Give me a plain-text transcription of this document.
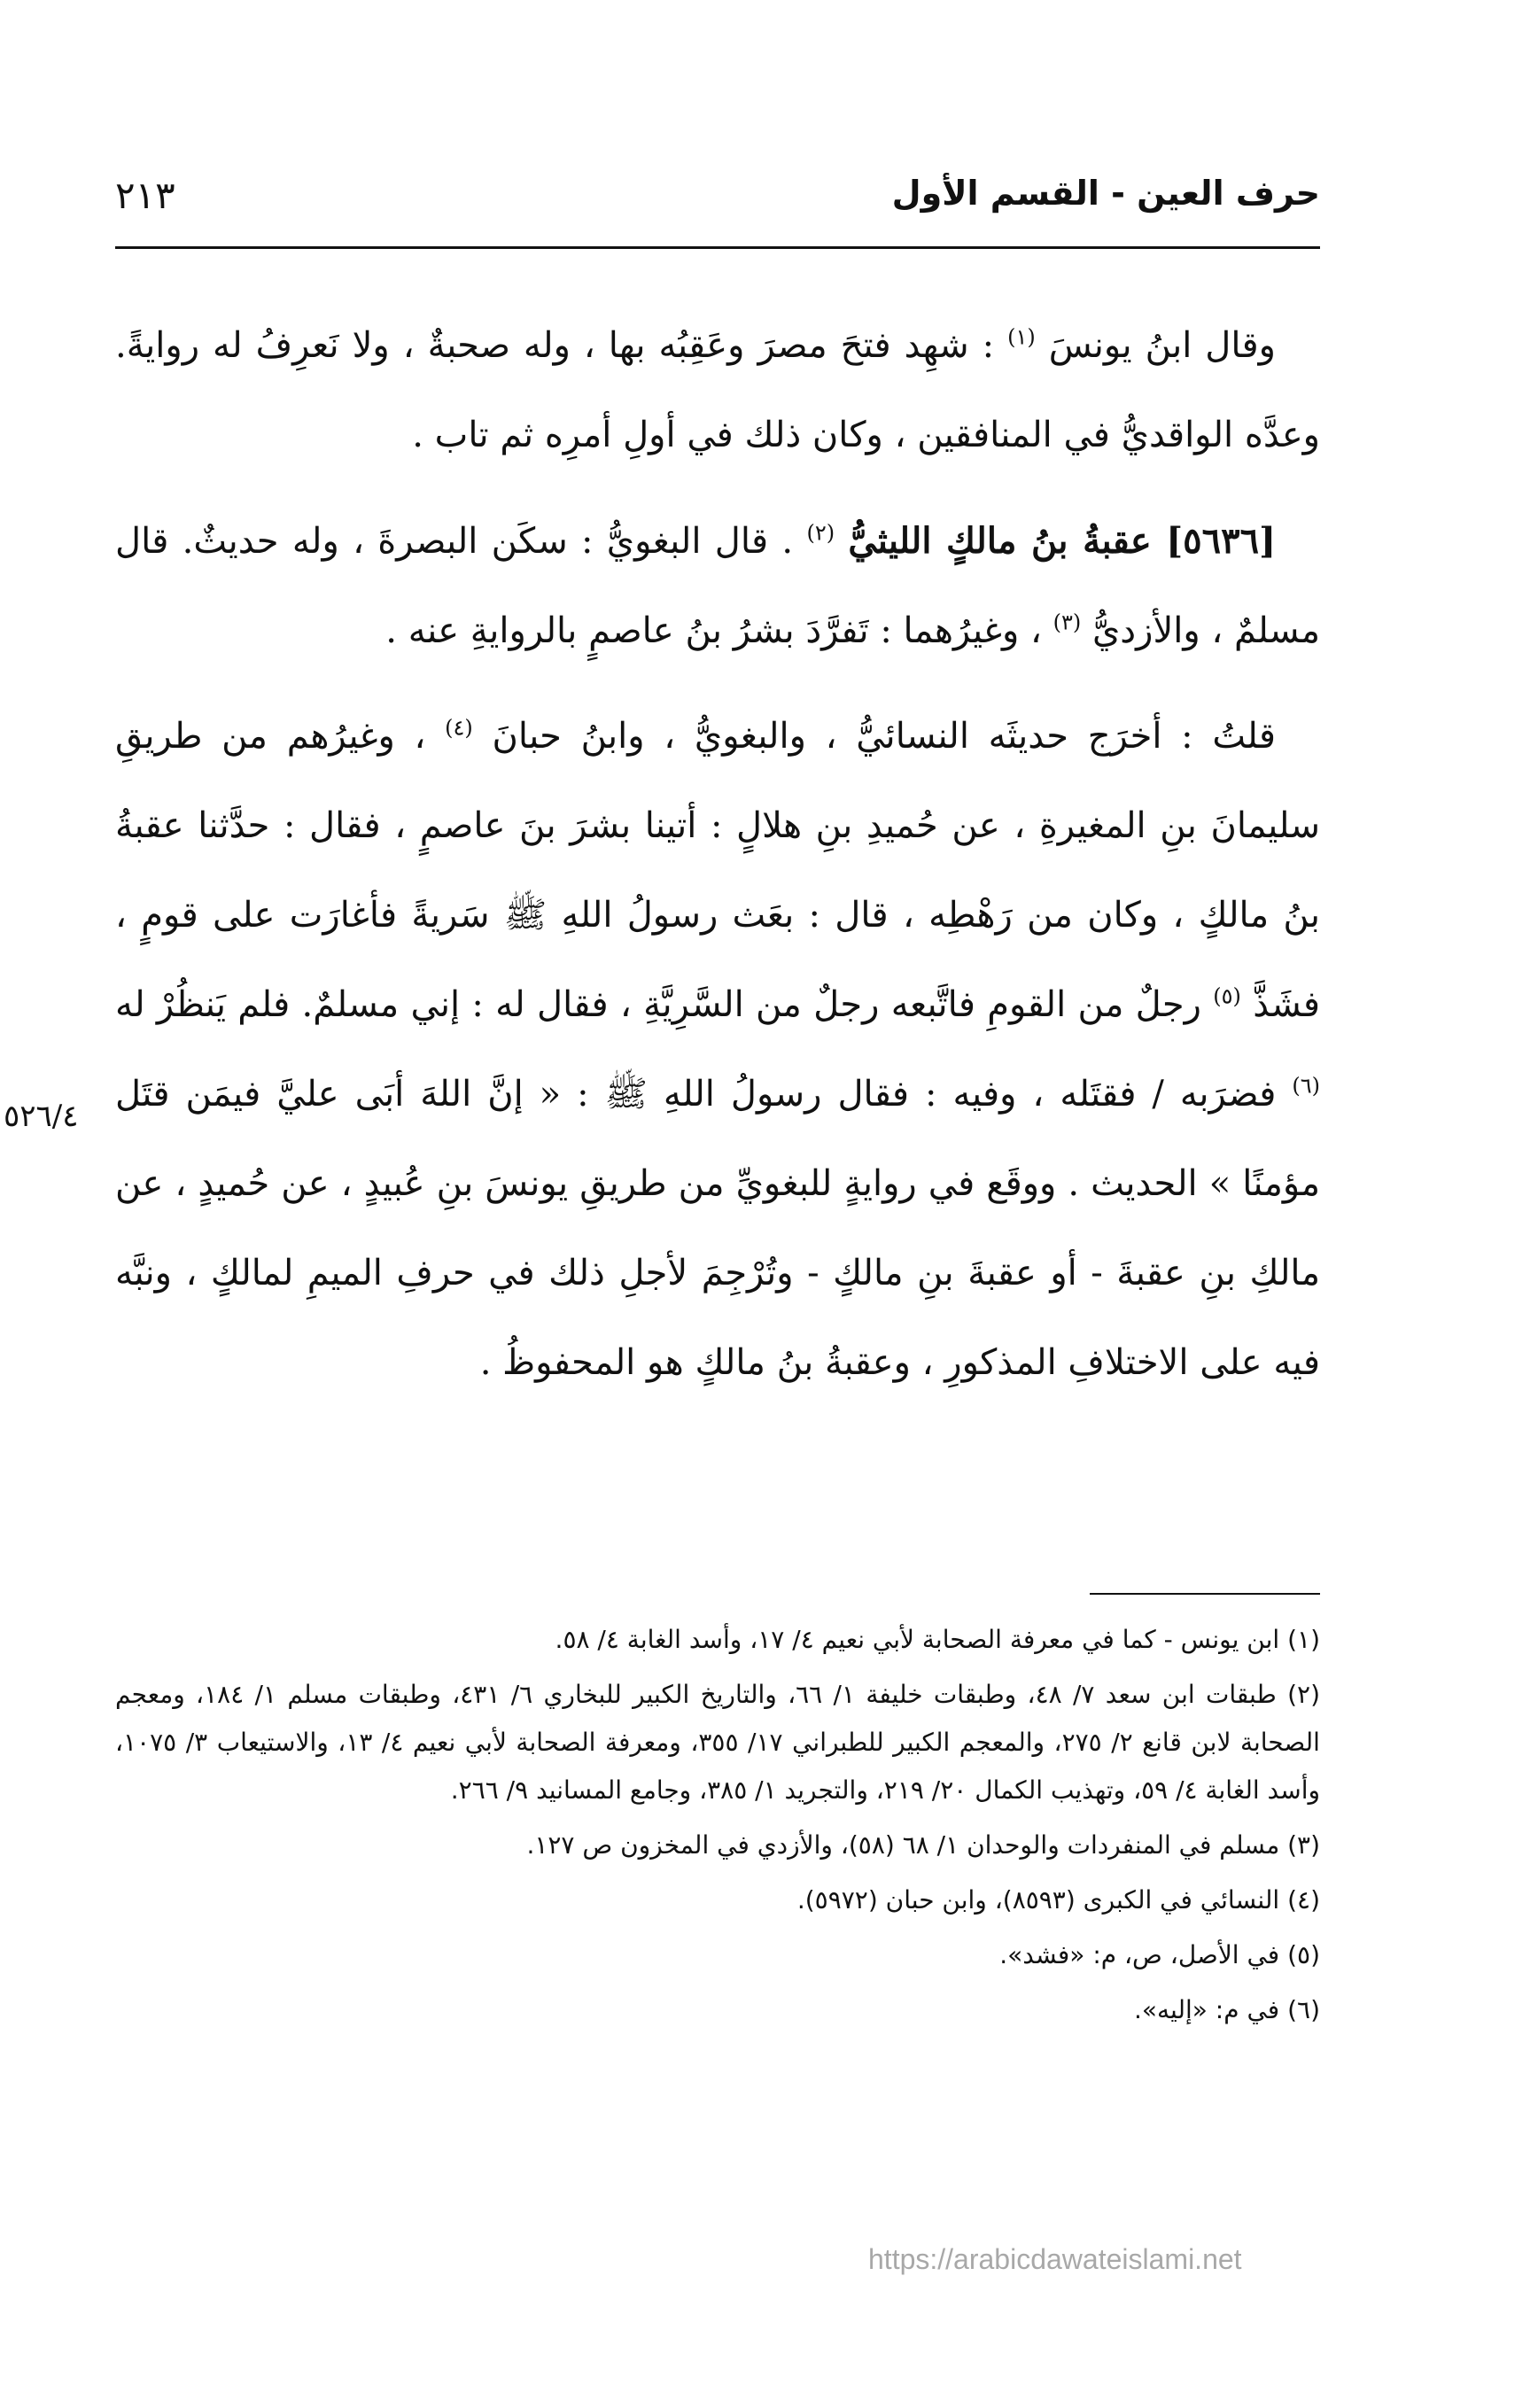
حرف العين - القسم الأول
٢١٣

وقال ابنُ يونسَ $^{(١)}$ : شهِد فتحَ مصرَ وعَقِبُه بها ، وله صحبةٌ ، ولا نَعرِفُ له روايةً. وعدَّه الواقديُّ في المنافقين ، وكان ذلك في أولِ أمرِه ثم تاب .

[٥٦٣٦] عقبةُ بنُ مالكٍ الليثيُّ $^{(٢)}$ . قال البغويُّ : سكَن البصرةَ ، وله حديثٌ. قال مسلمٌ ، والأزديُّ $^{(٣)}$ ، وغيرُهما : تَفرَّدَ بشرُ بنُ عاصمٍ بالروايةِ عنه .

قلتُ : أخرَج حديثَه النسائيُّ ، والبغويُّ ، وابنُ حبانَ $^{(٤)}$ ، وغيرُهم من طريقِ سليمانَ بنِ المغيرةِ ، عن حُميدِ بنِ هلالٍ : أتينا بشرَ بنَ عاصمٍ ، فقال : حدَّثنا عقبةُ بنُ مالكٍ ، وكان من رَهْطِه ، قال : بعَث رسولُ اللهِ ﷺ سَريةً فأغارَت على قومٍ ، فشَذَّ $^{(٥)}$ رجلٌ من القومِ فاتَّبعه رجلٌ من السَّرِيَّةِ ، فقال له : إني مسلمٌ. فلم يَنظُرْ له $^{(٦)}$ فضرَبه / فقتَله ، وفيه : فقال رسولُ اللهِ ﷺ : « إنَّ اللهَ أبَى عليَّ فيمَن قتَل مؤمنًا » الحديث . ووقَع في روايةٍ للبغويِّ من طريقِ يونسَ بنِ عُبيدٍ ، عن حُميدٍ ، عن مالكِ بنِ عقبةَ - أو عقبةَ بنِ مالكٍ - وتُرْجِمَ لأجلِ ذلك في حرفِ الميمِ لمالكٍ ، ونبَّه فيه على الاختلافِ المذكورِ ، وعقبةُ بنُ مالكٍ هو المحفوظُ .

٥٢٦/٤

(١) ابن يونس - كما في معرفة الصحابة لأبي نعيم ٤/ ١٧، وأسد الغابة ٤/ ٥٨.

(٢) طبقات ابن سعد ٧/ ٤٨، وطبقات خليفة ١/ ٦٦، والتاريخ الكبير للبخاري ٦/ ٤٣١، وطبقات مسلم ١/ ١٨٤، ومعجم الصحابة لابن قانع ٢/ ٢٧٥، والمعجم الكبير للطبراني ١٧/ ٣٥٥، ومعرفة الصحابة لأبي نعيم ٤/ ١٣، والاستيعاب ٣/ ١٠٧٥، وأسد الغابة ٤/ ٥٩، وتهذيب الكمال ٢٠/ ٢١٩، والتجريد ١/ ٣٨٥، وجامع المسانيد ٩/ ٢٦٦.

(٣) مسلم في المنفردات والوحدان ١/ ٦٨ (٥٨)، والأزدي في المخزون ص ١٢٧.

(٤) النسائي في الكبرى (٨٥٩٣)، وابن حبان (٥٩٧٢).

(٥) في الأصل، ص، م: «فشد».

(٦) في م: «إليه».

https://arabicdawateislami.net
